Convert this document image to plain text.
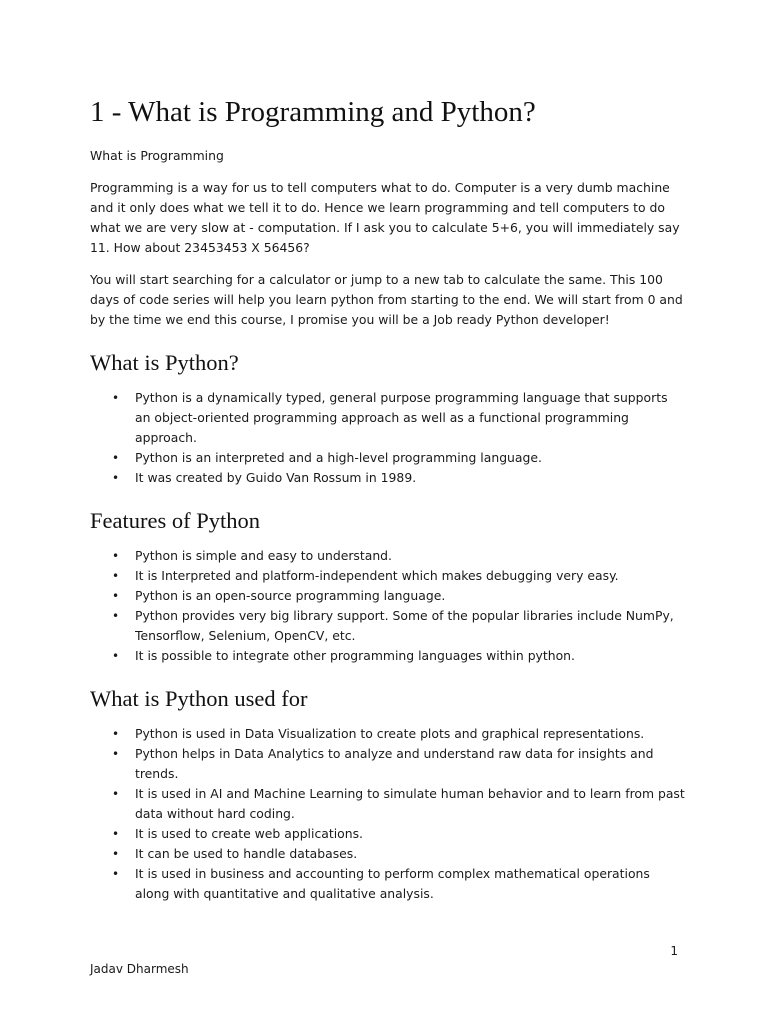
1 - What is Programming and Python?

What is Programming

Programming is a way for us to tell computers what to do. Computer is a very dumb machine and it only does what we tell it to do. Hence we learn programming and tell computers to do what we are very slow at - computation. If I ask you to calculate 5+6, you will immediately say 11. How about 23453453 X 56456?

You will start searching for a calculator or jump to a new tab to calculate the same. This 100 days of code series will help you learn python from starting to the end. We will start from 0 and by the time we end this course, I promise you will be a Job ready Python developer!

What is Python?
• Python is a dynamically typed, general purpose programming language that supports an object-oriented programming approach as well as a functional programming approach.
• Python is an interpreted and a high-level programming language.
• It was created by Guido Van Rossum in 1989.
Features of Python
• Python is simple and easy to understand.
• It is Interpreted and platform-independent which makes debugging very easy.
• Python is an open-source programming language.
• Python provides very big library support. Some of the popular libraries include NumPy, Tensorflow, Selenium, OpenCV, etc.
• It is possible to integrate other programming languages within python.
What is Python used for
• Python is used in Data Visualization to create plots and graphical representations.
• Python helps in Data Analytics to analyze and understand raw data for insights and trends.
• It is used in AI and Machine Learning to simulate human behavior and to learn from past data without hard coding.
• It is used to create web applications.
• It can be used to handle databases.
• It is used in business and accounting to perform complex mathematical operations along with quantitative and qualitative analysis.
1
Jadav Dharmesh
